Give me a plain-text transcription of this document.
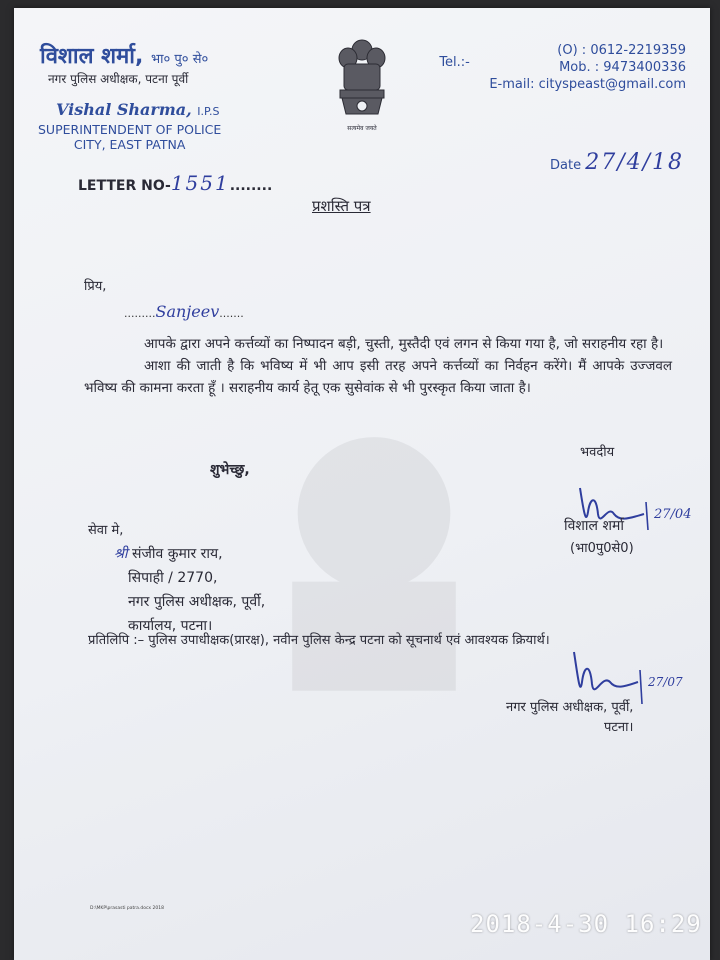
विशाल शर्मा, भा० पु० से०
नगर पुलिस अधीक्षक, पटना पूर्वी
Vishal Sharma, I.P.S
SUPERINTENDENT OF POLICE
CITY, EAST PATNA
सत्यमेव जयते
Tel.:-
(O) : 0612-2219359
Mob. : 9473400336
E-mail: cityspeast@gmail.com
Date 27/4/18
LETTER NO-1551........
प्रशस्ति पत्र
प्रिय,
.........Sanjeev.......

आपके द्वारा अपने कर्त्तव्यों का निष्पादन बड़ी, चुस्ती, मुस्तैदी एवं लगन से किया गया है, जो सराहनीय रहा है।

आशा की जाती है कि भविष्य में भी आप इसी तरह अपने कर्त्तव्यों का निर्वहन करेंगे। मैं आपके उज्जवल भविष्य की कामना करता हूँ । सराहनीय कार्य हेतू एक सुसेवांक से भी पुरस्कृत किया जाता है।

शुभेच्छु,
भवदीय
27/04
विशाल शर्मा
(भा0पु0से0)
सेवा मे,
श्री संजीव कुमार राय,
सिपाही / 2770,
नगर पुलिस अधीक्षक, पूर्वी,
कार्यालय, पटना।
प्रतिलिपि :– पुलिस उपाधीक्षक(प्रारक्ष), नवीन पुलिस केन्द्र पटना को सूचनार्थ एवं आवश्यक क्रियार्थ।
27/07
नगर पुलिस अधीक्षक, पूर्वी,
पटना।
D:\MKP\prasasti patra.docx 2018
2018-4-30 16:29
